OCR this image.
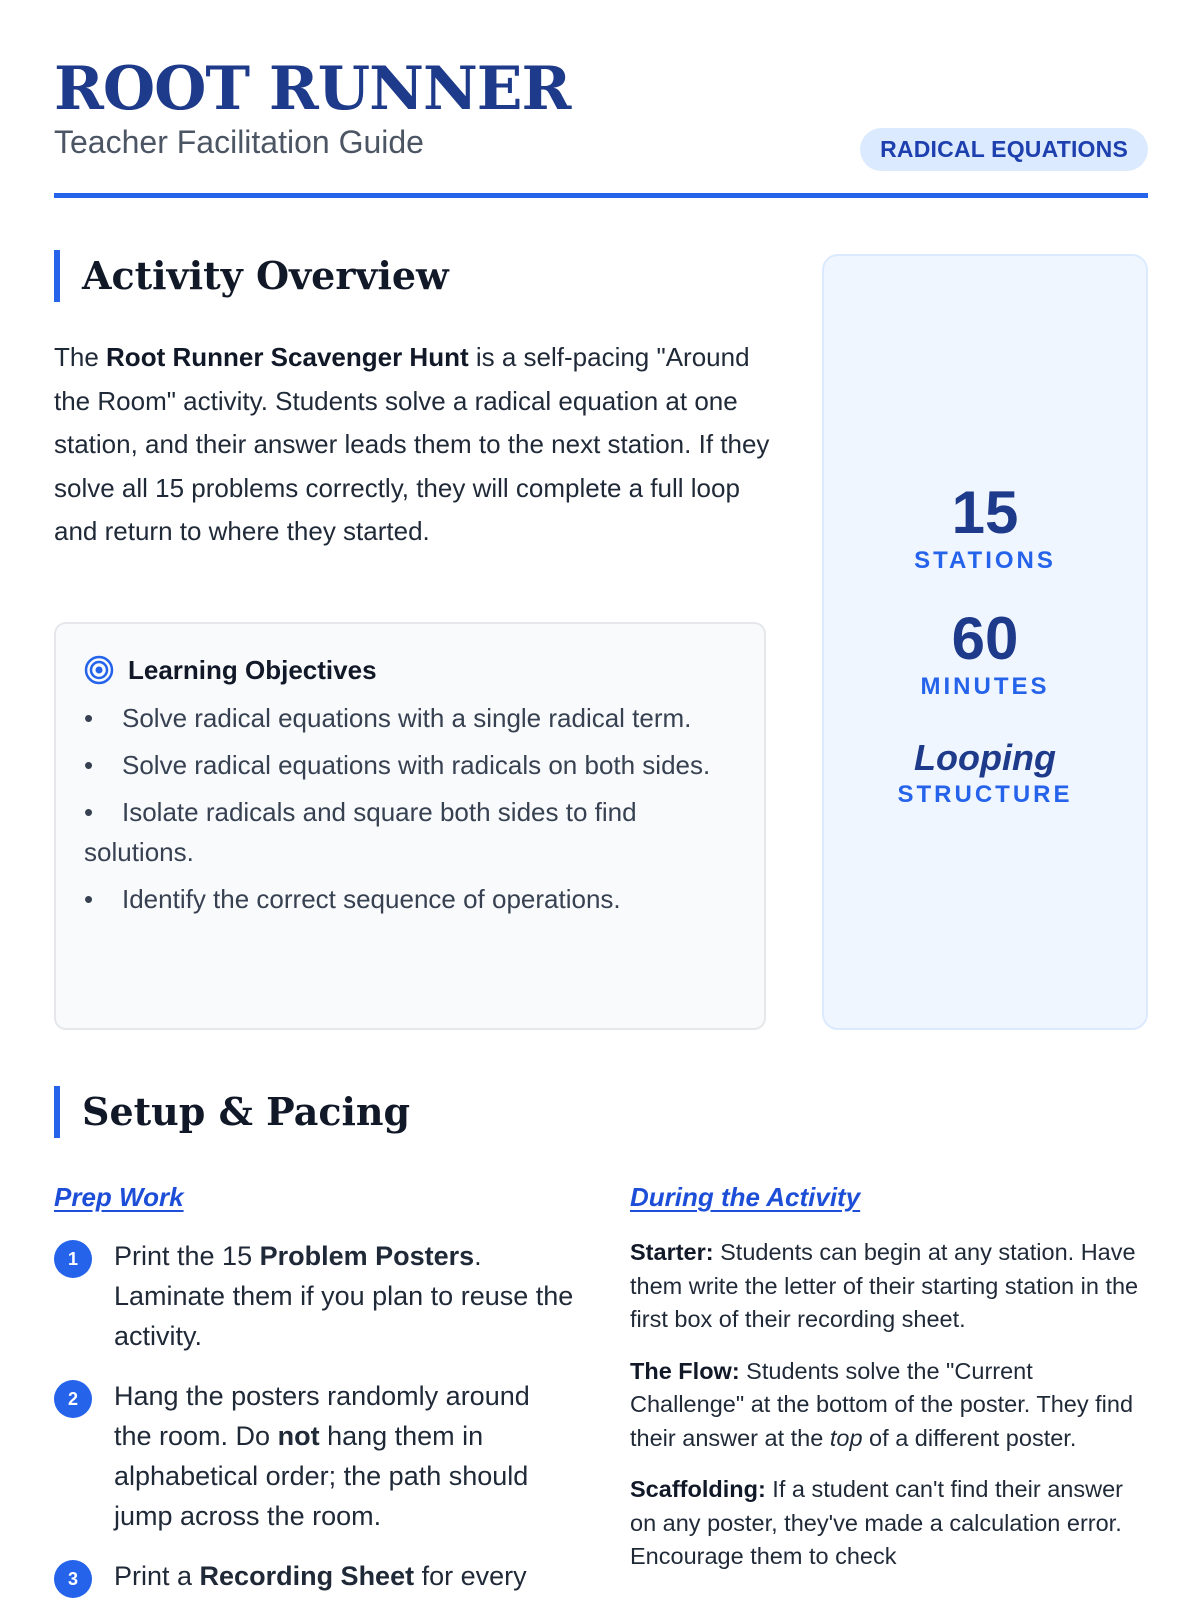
ROOT RUNNER
Teacher Facilitation Guide	RADICAL EQUATIONS
Activity Overview
The Root Runner Scavenger Hunt is a self-pacing "Around the Room" activity. Students solve a radical equation at one station, and their answer leads them to the next station. If they solve all 15 problems correctly, they will complete a full loop and return to where they started.
Learning Objectives
• Solve radical equations with a single radical term.
• Solve radical equations with radicals on both sides.
• Isolate radicals and square both sides to find solutions.
• Identify the correct sequence of operations.
15
STATIONS
60
MINUTES
Looping
STRUCTURE
Setup & Pacing
Prep Work
1	Print the 15 Problem Posters. Laminate them if you plan to reuse the activity.
2	Hang the posters randomly around the room. Do not hang them in alphabetical order; the path should jump across the room.
3	Print a Recording Sheet for every
During the Activity

Starter: Students can begin at any station. Have them write the letter of their starting station in the first box of their recording sheet.

The Flow: Students solve the "Current Challenge" at the bottom of the poster. They find their answer at the top of a different poster.

Scaffolding: If a student can't find their answer on any poster, they've made a calculation error. Encourage them to check
